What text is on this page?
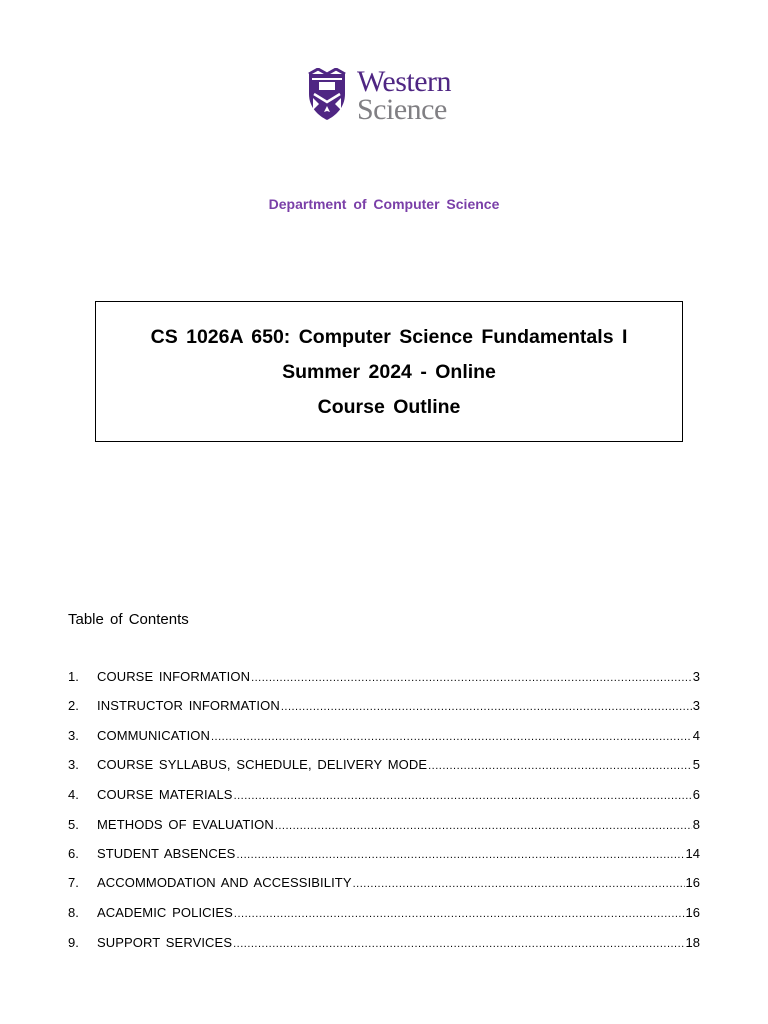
Western
Science
Department of Computer Science
CS 1026A 650: Computer Science Fundamentals I
Summer 2024 - Online
Course Outline
Table of Contents
1.	COURSE INFORMATION .....	3
2.	INSTRUCTOR INFORMATION .....	3
3.	COMMUNICATION .....	4
3.	COURSE SYLLABUS, SCHEDULE, DELIVERY MODE .....	5
4.	COURSE MATERIALS .....	6
5.	METHODS OF EVALUATION .....	8
6.	STUDENT ABSENCES .....	14
7.	ACCOMMODATION AND ACCESSIBILITY .....	16
8.	ACADEMIC POLICIES .....	16
9.	SUPPORT SERVICES .....	18
